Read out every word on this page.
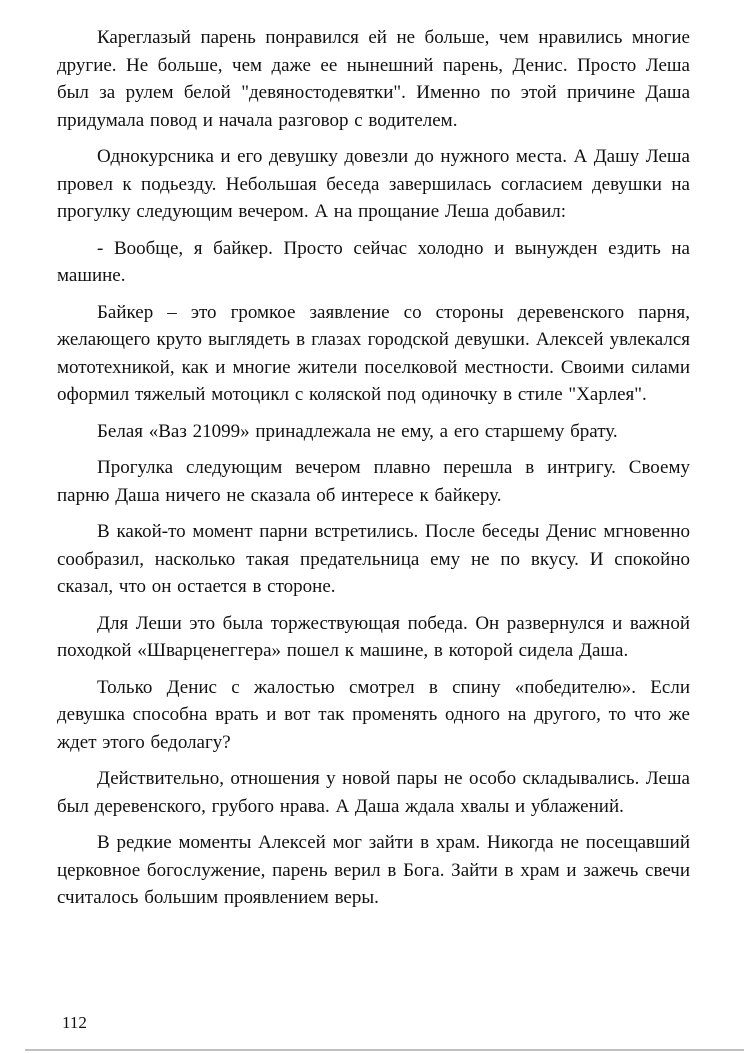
Кареглазый парень понравился ей не больше, чем нравились многие другие. Не больше, чем даже ее нынешний парень, Денис. Просто Леша был за рулем белой "девяностодевятки". Именно по этой причине Даша придумала повод и начала разговор с водителем.

Однокурсника и его девушку довезли до нужного места. А Дашу Леша провел к подьезду. Небольшая беседа завершилась согласием девушки на прогулку следующим вечером. А на прощание Леша добавил:

- Вообще, я байкер. Просто сейчас холодно и вынужден ездить на машине.

Байкер – это громкое заявление со стороны деревенского парня, желающего круто выглядеть в глазах городской девушки. Алексей увлекался мототехникой, как и многие жители поселковой местности. Своими силами оформил тяжелый мотоцикл с коляской под одиночку в стиле "Харлея".

Белая «Ваз 21099» принадлежала не ему, а его старшему брату.

Прогулка следующим вечером плавно перешла в интригу. Своему парню Даша ничего не сказала об интересе к байкеру.

В какой-то момент парни встретились. После беседы Денис мгновенно сообразил, насколько такая предательница ему не по вкусу. И спокойно сказал, что он остается в стороне.

Для Леши это была торжествующая победа. Он развернулся и важной походкой «Шварценеггера» пошел к машине, в которой сидела Даша.

Только Денис с жалостью смотрел в спину «победителю». Если девушка способна врать и вот так променять одного на другого, то что же ждет этого бедолагу?

Действительно, отношения у новой пары не особо складывались. Леша был деревенского, грубого нрава. А Даша ждала хвалы и ублажений.

В редкие моменты Алексей мог зайти в храм. Никогда не посещавший церковное богослужение, парень верил в Бога. Зайти в храм и зажечь свечи считалось большим проявлением веры.

112
